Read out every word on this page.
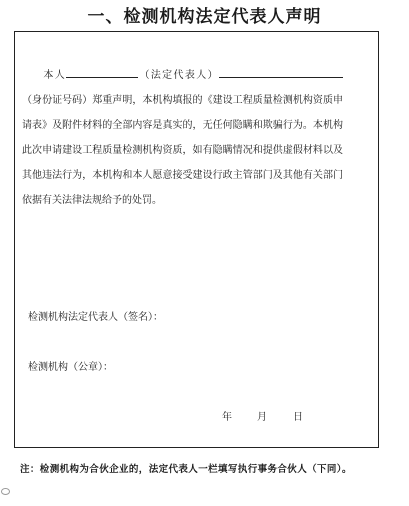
一、检测机构法定代表人声明
本人	（法定代表人）（身份证号码）郑重声明，本机构填报的《建设工程质量检测机构资质申请表》及附件材料的全部内容是真实的，无任何隐瞒和欺骗行为。本机构此次申请建设工程质量检测机构资质，如有隐瞒情况和提供虚假材料以及其他违法行为，本机构和本人愿意接受建设行政主管部门及其他有关部门依据有关法律法规给予的处罚。
检测机构法定代表人（签名）：
检测机构（公章）：
年	月	日
注：检测机构为合伙企业的，法定代表人一栏填写执行事务合伙人（下同）。
